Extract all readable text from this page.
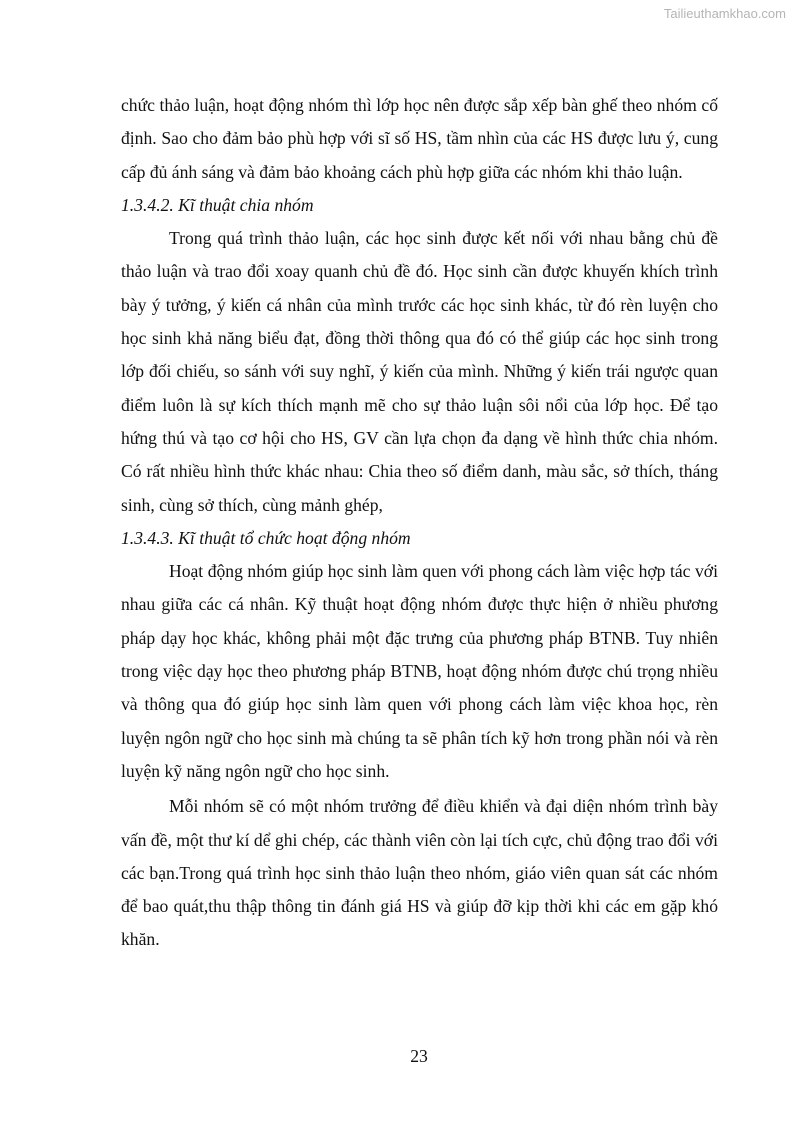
Tailieuthamkhao.com

chức thảo luận, hoạt động nhóm thì lớp học nên được sắp xếp bàn ghế theo nhóm cố định. Sao cho đảm bảo phù hợp với sĩ số HS, tầm nhìn của các HS được lưu ý, cung cấp đủ ánh sáng và đảm bảo khoảng cách phù hợp giữa các nhóm khi thảo luận.

1.3.4.2. Kĩ thuật chia nhóm

Trong quá trình thảo luận, các học sinh được kết nối với nhau bằng chủ đề thảo luận và trao đổi xoay quanh chủ đề đó. Học sinh cần được khuyến khích trình bày ý tưởng, ý kiến cá nhân của mình trước các học sinh khác, từ đó rèn luyện cho học sinh khả năng biểu đạt, đồng thời thông qua đó có thể giúp các học sinh trong lớp đối chiếu, so sánh với suy nghĩ, ý kiến của mình. Những ý kiến trái ngược quan điểm luôn là sự kích thích mạnh mẽ cho sự thảo luận sôi nổi của lớp học. Để tạo hứng thú và tạo cơ hội cho HS, GV cần lựa chọn đa dạng về hình thức chia nhóm. Có rất nhiều hình thức khác nhau: Chia theo số điểm danh, màu sắc, sở thích, tháng sinh, cùng sở thích, cùng mảnh ghép,

1.3.4.3. Kĩ thuật tổ chức hoạt động nhóm

Hoạt động nhóm giúp học sinh làm quen với phong cách làm việc hợp tác với nhau giữa các cá nhân. Kỹ thuật hoạt động nhóm được thực hiện ở nhiều phương pháp dạy học khác, không phải một đặc trưng của phương pháp BTNB. Tuy nhiên trong việc dạy học theo phương pháp BTNB, hoạt động nhóm được chú trọng nhiều và thông qua đó giúp học sinh làm quen với phong cách làm việc khoa học, rèn luyện ngôn ngữ cho học sinh mà chúng ta sẽ phân tích kỹ hơn trong phần nói và rèn luyện kỹ năng ngôn ngữ cho học sinh.

Mỗi nhóm sẽ có một nhóm trưởng để điều khiển và đại diện nhóm trình bày vấn đề, một thư kí dể ghi chép, các thành viên còn lại tích cực, chủ động trao đổi với các bạn.Trong quá trình học sinh thảo luận theo nhóm, giáo viên quan sát các nhóm để bao quát,thu thập thông tin đánh giá HS và giúp đỡ kịp thời khi các em gặp khó khăn.

23
